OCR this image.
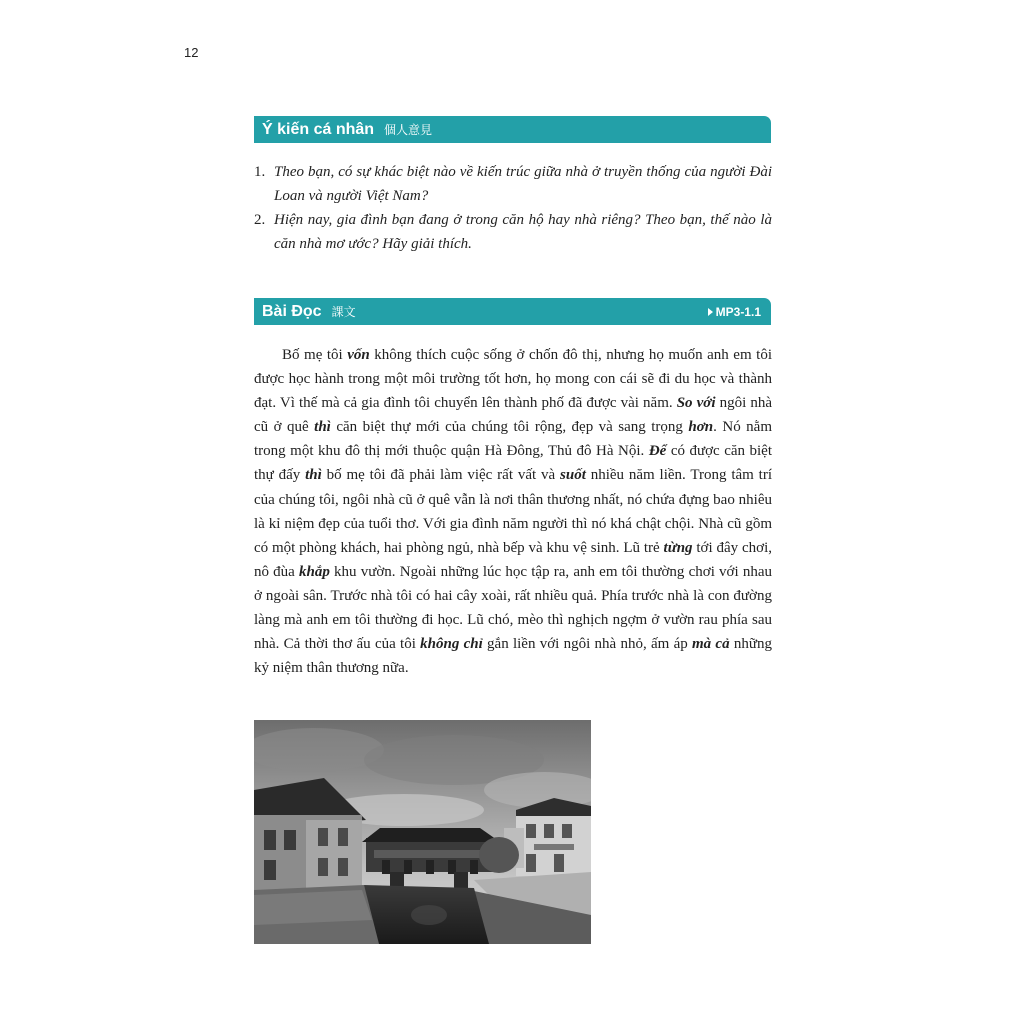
12
Ý kiến cá nhân 個人意見
1. Theo bạn, có sự khác biệt nào về kiến trúc giữa nhà ở truyền thống của người Đài Loan và người Việt Nam?
2. Hiện nay, gia đình bạn đang ở trong căn hộ hay nhà riêng? Theo bạn, thế nào là căn nhà mơ ước? Hãy giải thích.
Bài Đọc 課文	MP3-1.1

Bố mẹ tôi vốn không thích cuộc sống ở chốn đô thị, nhưng họ muốn anh em tôi được học hành trong một môi trường tốt hơn, họ mong con cái sẽ đi du học và thành đạt. Vì thế mà cả gia đình tôi chuyển lên thành phố đã được vài năm. So với ngôi nhà cũ ở quê thì căn biệt thự mới của chúng tôi rộng, đẹp và sang trọng hơn. Nó nằm trong một khu đô thị mới thuộc quận Hà Đông, Thủ đô Hà Nội. Để có được căn biệt thự đấy thì bố mẹ tôi đã phải làm việc rất vất và suốt nhiều năm liền. Trong tâm trí của chúng tôi, ngôi nhà cũ ở quê vẫn là nơi thân thương nhất, nó chứa đựng bao nhiêu là kỉ niệm đẹp của tuổi thơ. Với gia đình năm người thì nó khá chật chội. Nhà cũ gồm có một phòng khách, hai phòng ngủ, nhà bếp và khu vệ sinh. Lũ trẻ từng tới đây chơi, nô đùa khắp khu vườn. Ngoài những lúc học tập ra, anh em tôi thường chơi với nhau ở ngoài sân. Trước nhà tôi có hai cây xoài, rất nhiều quả. Phía trước nhà là con đường làng mà anh em tôi thường đi học. Lũ chó, mèo thì nghịch ngợm ở vườn rau phía sau nhà. Cả thời thơ ấu của tôi không chỉ gắn liền với ngôi nhà nhỏ, ấm áp mà cả những kỷ niệm thân thương nữa.
